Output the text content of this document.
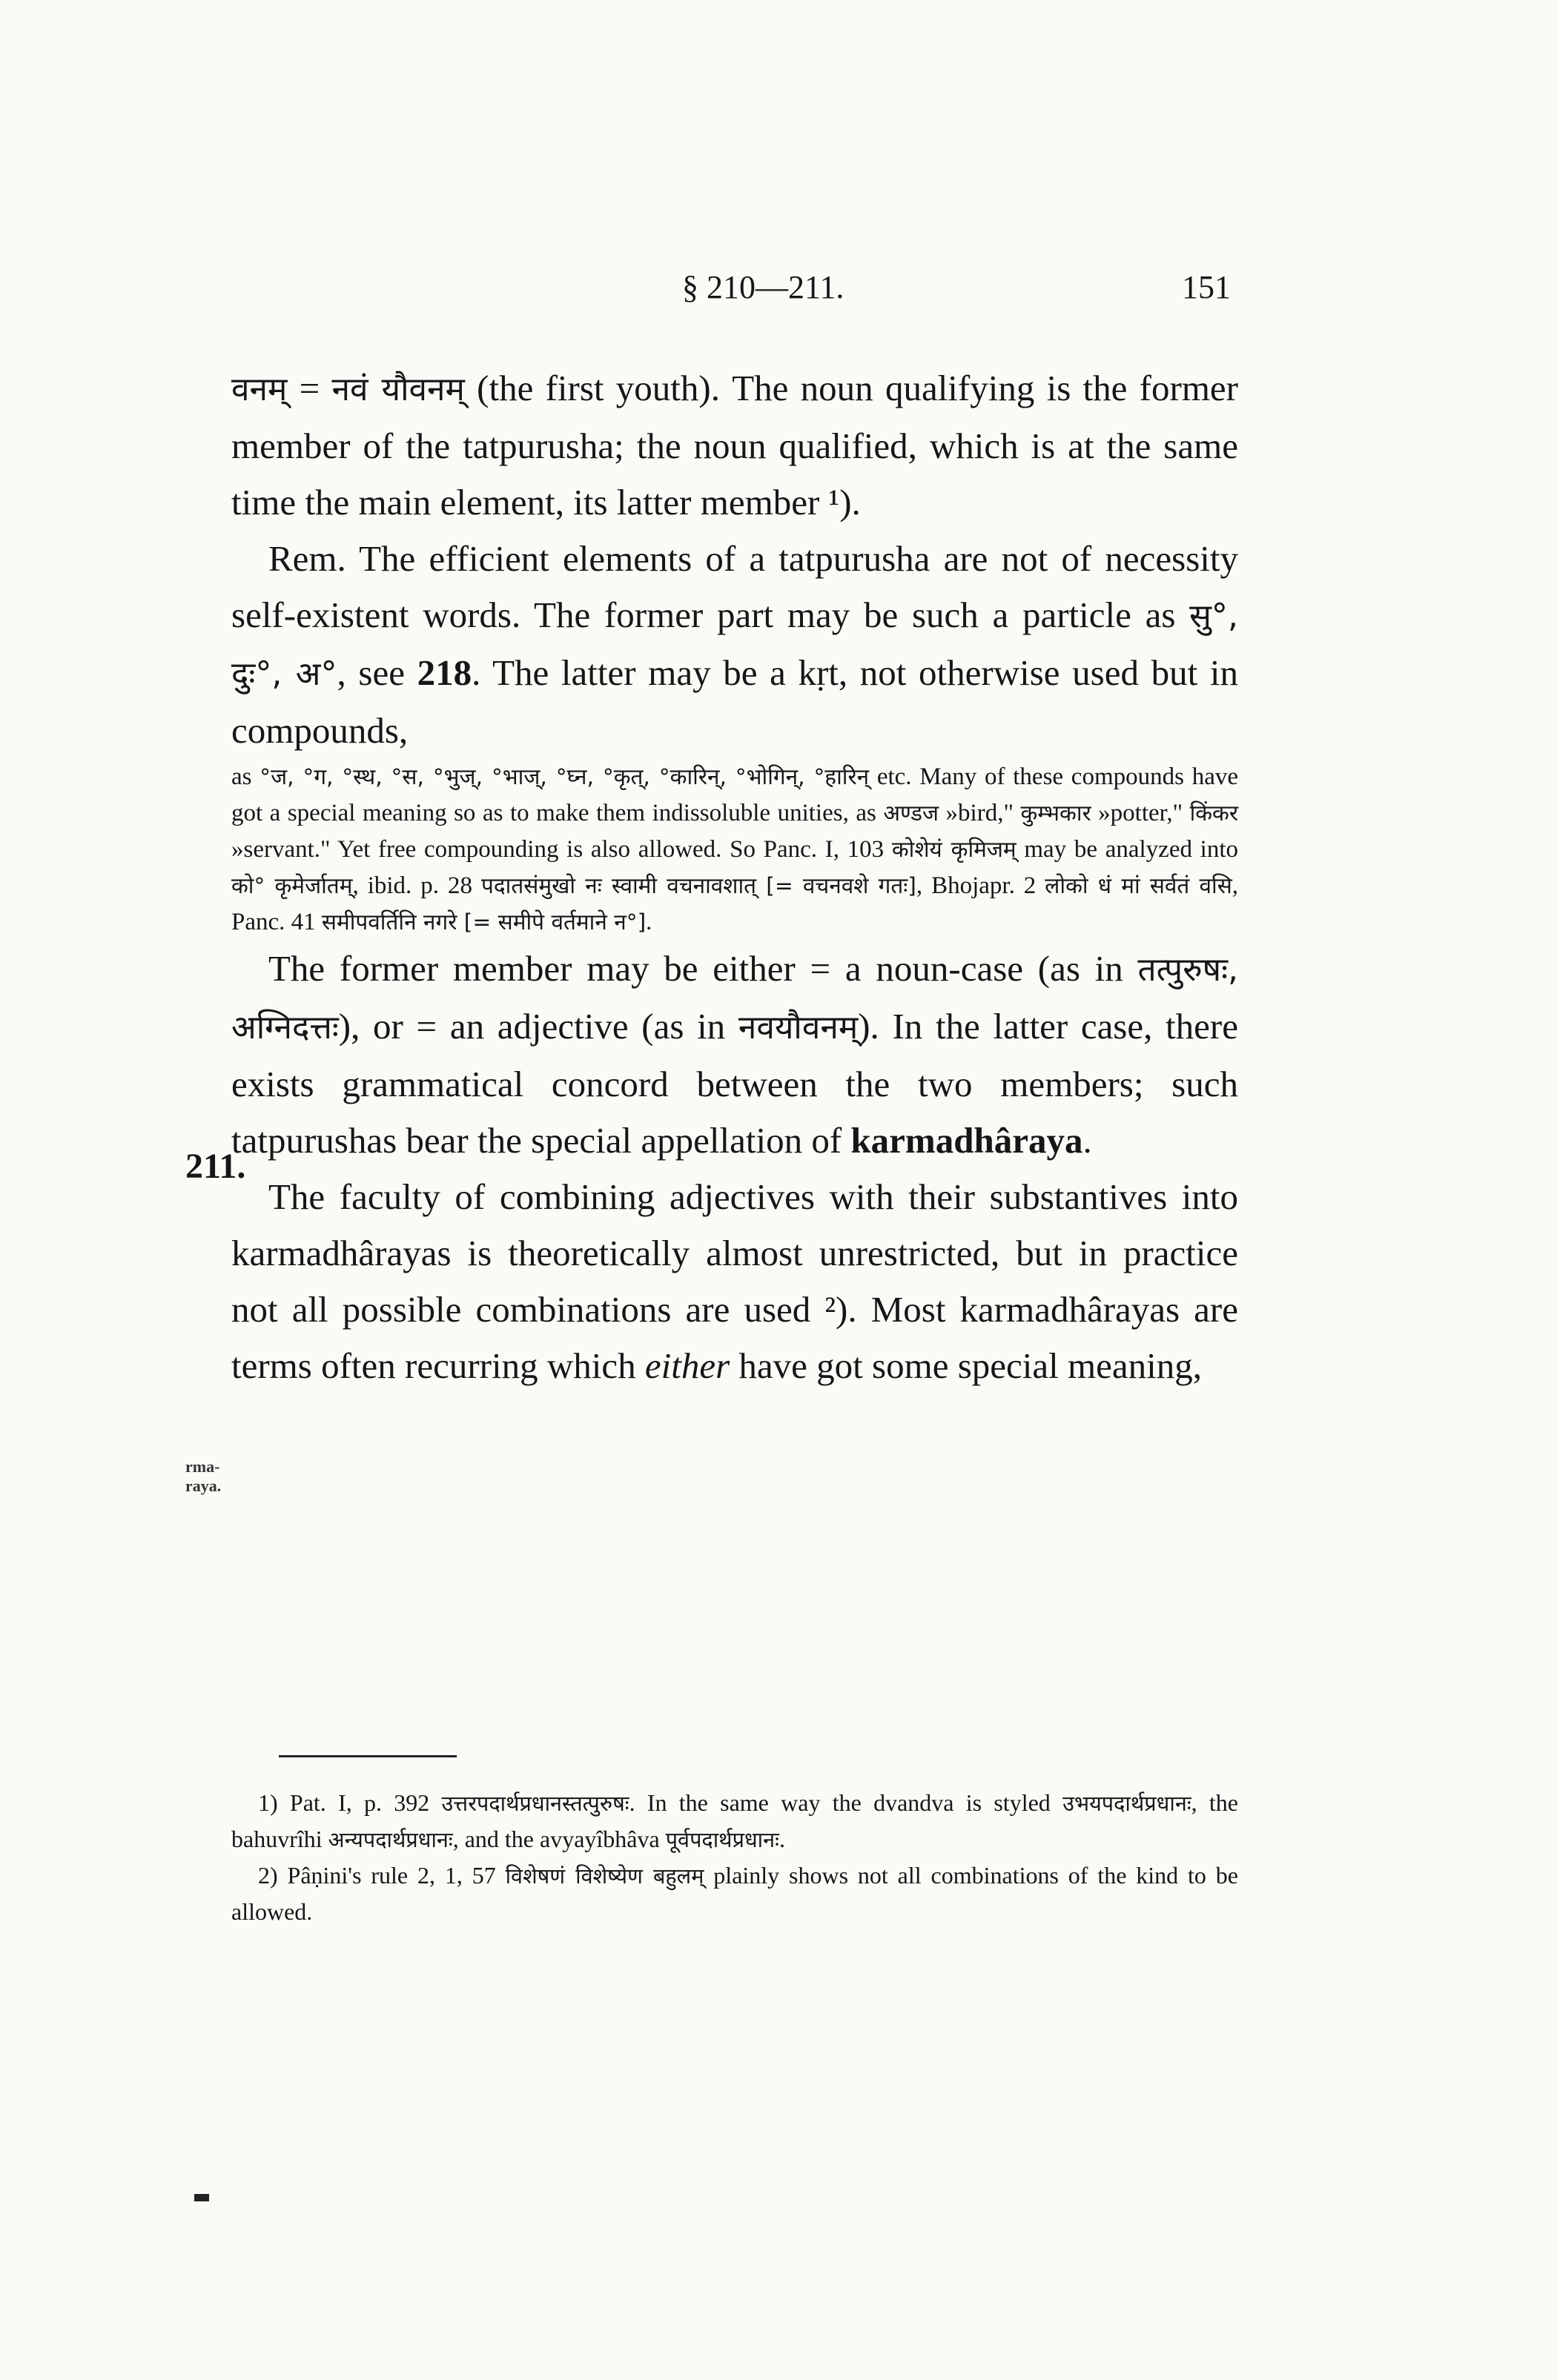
§ 210—211.	151

वनम् = नवं यौवनम् (the first youth). The noun qualifying is the former member of the tatpurusha; the noun qualified, which is at the same time the main element, its latter member ¹).

Rem. The efficient elements of a tatpurusha are not of necessity self-existent words. The former part may be such a particle as सु°, दुः°, अ°, see 218. The latter may be a kṛt, not otherwise used but in compounds,

as °ज, °ग, °स्थ, °स, °भुज्, °भाज्, °घ्न, °कृत्, °कारिन्, °भोगिन्, °हारिन् etc. Many of these compounds have got a special meaning so as to make them indissoluble unities, as अण्डज »bird," कुम्भकार »potter," किंकर »servant." Yet free compounding is also allowed. So Panc. I, 103 कोशेयं कृमिजम् may be analyzed into को° कृमेर्जातम्, ibid. p. 28 पदातसंमुखो नः स्वामी वचनावशात् [= वचनवशे गतः], Bhojapr. 2 लोको धं मां सर्वतं वसि, Panc. 41 समीपवर्तिनि नगरे [= समीपे वर्तमाने न°].

The former member may be either = a noun-case (as in तत्पुरुषः, अग्निदत्तः), or = an adjective (as in नवयौवनम्). In the latter case, there exists grammatical concord between the two members; such tatpurushas bear the special appellation of karmadhâraya.

The faculty of combining adjectives with their substantives into karmadhârayas is theoretically almost unrestricted, but in practice not all possible combinations are used ²). Most karmadhârayas are terms often recurring which either have got some special meaning,

211.
rma-
raya.

1) Pat. I, p. 392 उत्तरपदार्थप्रधानस्तत्पुरुषः. In the same way the dvandva is styled उभयपदार्थप्रधानः, the bahuvrîhi अन्यपदार्थप्रधानः, and the avyayîbhâva पूर्वपदार्थप्रधानः.

2) Pâṇini's rule 2, 1, 57 विशेषणं विशेष्येण बहुलम् plainly shows not all combinations of the kind to be allowed.
